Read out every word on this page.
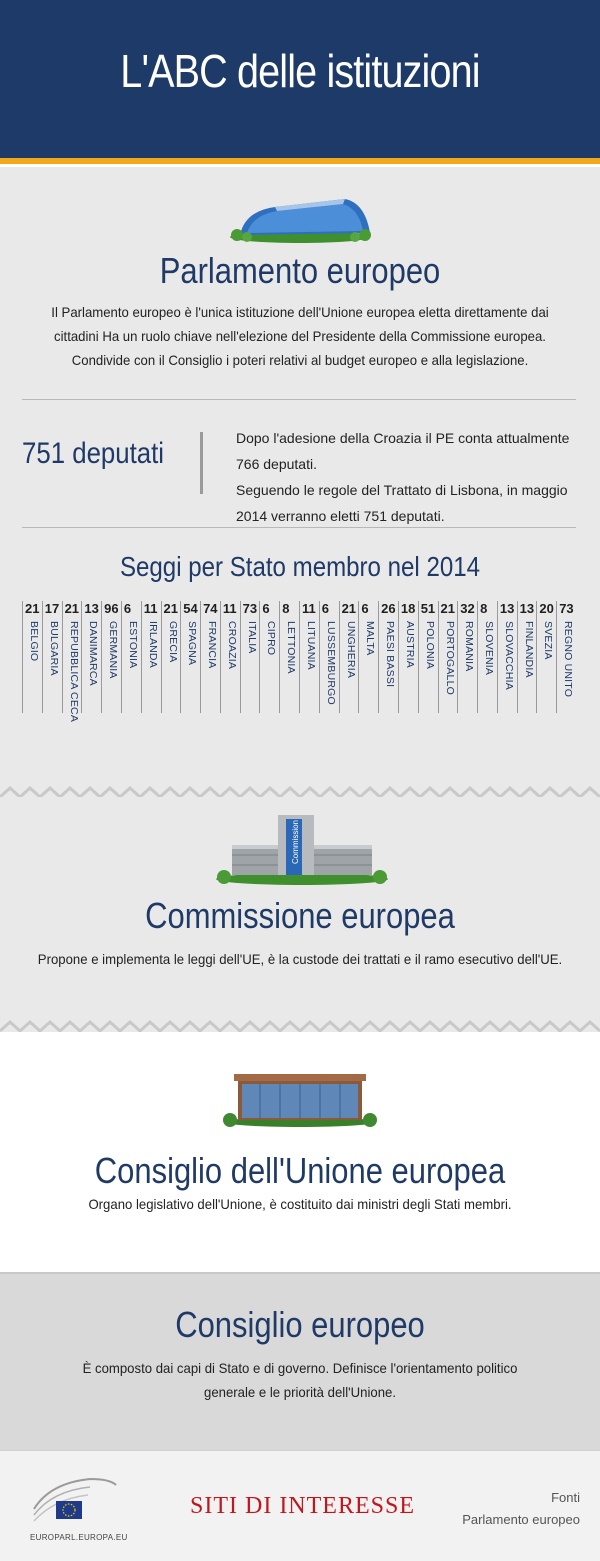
L'ABC delle istituzioni
Parlamento europeo
Il Parlamento europeo è l'unica istituzione dell'Unione europea eletta direttamente dai cittadini Ha un ruolo chiave nell'elezione del Presidente della Commissione europea. Condivide con il Consiglio i poteri relativi al budget europeo e alla legislazione.
751 deputati	Dopo l'adesione della Croazia il PE conta attualmente 766 deputati.
Seguendo le regole del Trattato di Lisbona, in maggio 2014 verranno eletti 751 deputati.
Seggi per Stato membro nel 2014
21
BELGIO
17
BULGARIA
21
REPUBBLICA CECA
13
DANIMARCA
96
GERMANIA
6
ESTONIA
11
IRLANDA
21
GRECIA
54
SPAGNA
74
FRANCIA
11
CROAZIA
73
ITALIA
6
CIPRO
8
LETTONIA
11
LITUANIA
6
LUSSEMBURGO
21
UNGHERIA
6
MALTA
26
PAESI BASSI
18
AUSTRIA
51
POLONIA
21
PORTOGALLO
32
ROMANIA
8
SLOVENIA
13
SLOVACCHIA
13
FINLANDIA
20
SVEZIA
73
REGNO UNITO
Commission
Commissione europea
Propone e implementa le leggi dell'UE, è la custode dei trattati e il ramo esecutivo dell'UE.
Consiglio dell'Unione europea
Organo legislativo dell'Unione, è costituito dai ministri degli Stati membri.
Consiglio europeo
È composto dai capi di Stato e di governo. Definisce l'orientamento politico generale e le priorità dell'Unione.
EUROPARL.EUROPA.EU
SITI DI INTERESSE	Fonti
Parlamento europeo
